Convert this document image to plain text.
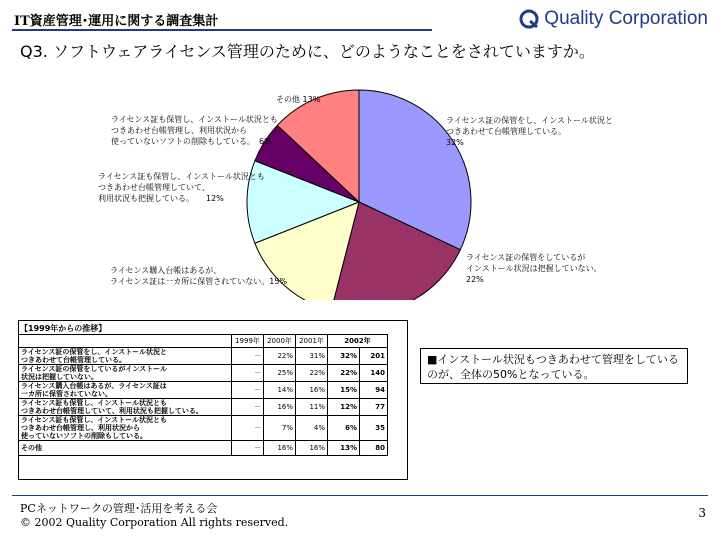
IT資産管理･運用に関する調査集計	Quality Corporation
Q3. ソフトウェアライセンス管理のために、どのようなことをされていますか。
ライセンス証の保管をし、インストール状況と
つきあわせて台帳管理している。
32%
ライセンス証の保管をしているが
インストール状況は把握していない。
22%
ライセンス購入台帳はあるが、
ライセンス証は一カ所に保管されていない。15%
ライセンス証も保管し、インストール状況とも
つきあわせ台帳管理していて、
利用状況も把握している。　　12%
ライセンス証も保管し、インストール状況とも
つきあわせ台帳管理し、利用状況から
使っていないソフトの削除もしている。　6%
その他 13%
【1999年からの推移】
	1999年	2000年	2001年	2002年	
ライセンス証の保管をし、インストール状況と
つきあわせて台帳管理している。	－	22%	31%	32%	201
ライセンス証の保管をしているがインストール
状況は把握していない。	－	25%	22%	22%	140
ライセンス購入台帳はあるが、ライセンス証は
一カ所に保管されていない。	－	14%	16%	15%	94
ライセンス証も保管し、インストール状況とも
つきあわせ台帳管理していて、利用状況も把握している。	－	16%	11%	12%	77
ライセンス証も保管し、インストール状況とも
つきあわせ台帳管理し、利用状況から
使っていないソフトの削除もしている。	－	7%	4%	6%	35
その他	－	16%	16%	13%	80
■インストール状況もつきあわせて管理をしているのが、全体の50%となっている。
PCネットワークの管理･活用を考える会
© 2002 Quality Corporation All rights reserved.
3
